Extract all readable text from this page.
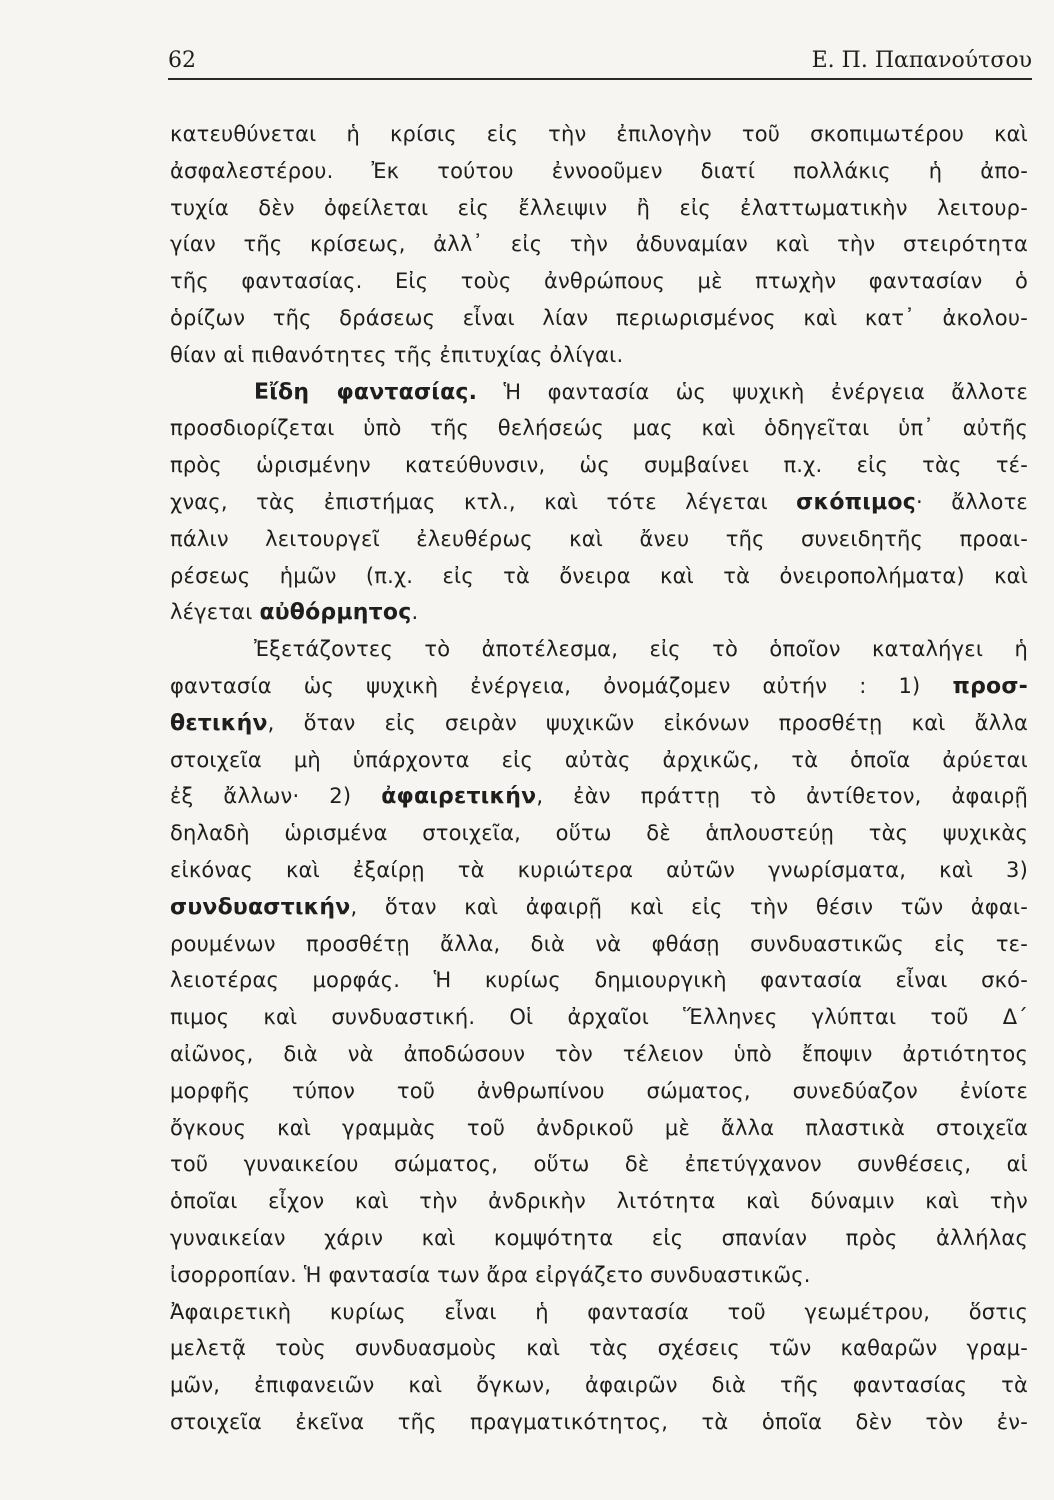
62	Ε. Π. Παπανούτσου
κατευθύνεται ἡ κρίσις εἰς τὴν ἐπιλογὴν τοῦ σκοπιμωτέρου καὶ
ἀσφαλεστέρου. Ἐκ τούτου ἐννοοῦμεν διατί πολλάκις ἡ ἀπο-
τυχία δὲν ὀφείλεται εἰς ἔλλειψιν ἢ εἰς ἐλαττωματικὴν λειτουρ-
γίαν τῆς κρίσεως, ἀλλ᾽ εἰς τὴν ἀδυναμίαν καὶ τὴν στειρότητα
τῆς φαντασίας. Εἰς τοὺς ἀνθρώπους μὲ πτωχὴν φαντασίαν ὁ
ὁρίζων τῆς δράσεως εἶναι λίαν περιωρισμένος καὶ κατ᾽ ἀκολου-
θίαν αἱ πιθανότητες τῆς ἐπιτυχίας ὀλίγαι.
Εἴδη φαντασίας. Ἡ φαντασία ὡς ψυχικὴ ἐνέργεια ἄλλοτε
προσδιορίζεται ὑπὸ τῆς θελήσεώς μας καὶ ὁδηγεῖται ὑπ᾽ αὐτῆς
πρὸς ὡρισμένην κατεύθυνσιν, ὡς συμβαίνει π.χ. εἰς τὰς τέ-
χνας, τὰς ἐπιστήμας κτλ., καὶ τότε λέγεται σκόπιμος· ἄλλοτε
πάλιν λειτουργεῖ ἐλευθέρως καὶ ἄνευ τῆς συνειδητῆς προαι-
ρέσεως ἡμῶν (π.χ. εἰς τὰ ὄνειρα καὶ τὰ ὀνειροπολήματα) καὶ
λέγεται αὐθόρμητος.
Ἐξετάζοντες τὸ ἀποτέλεσμα, εἰς τὸ ὁποῖον καταλήγει ἡ
φαντασία ὡς ψυχικὴ ἐνέργεια, ὀνομάζομεν αὐτήν : 1) προσ-
θετικήν, ὅταν εἰς σειρὰν ψυχικῶν εἰκόνων προσθέτῃ καὶ ἄλλα
στοιχεῖα μὴ ὑπάρχοντα εἰς αὐτὰς ἀρχικῶς, τὰ ὁποῖα ἀρύεται
ἐξ ἄλλων· 2) ἀφαιρετικήν, ἐὰν πράττῃ τὸ ἀντίθετον, ἀφαιρῇ
δηλαδὴ ὡρισμένα στοιχεῖα, οὕτω δὲ ἁπλουστεύῃ τὰς ψυχικὰς
εἰκόνας καὶ ἐξαίρῃ τὰ κυριώτερα αὐτῶν γνωρίσματα, καὶ 3)
συνδυαστικήν, ὅταν καὶ ἀφαιρῇ καὶ εἰς τὴν θέσιν τῶν ἀφαι-
ρουμένων προσθέτῃ ἄλλα, διὰ νὰ φθάσῃ συνδυαστικῶς εἰς τε-
λειοτέρας μορφάς. Ἡ κυρίως δημιουργικὴ φαντασία εἶναι σκό-
πιμος καὶ συνδυαστική. Οἱ ἀρχαῖοι Ἕλληνες γλύπται τοῦ Δ΄
αἰῶνος, διὰ νὰ ἀποδώσουν τὸν τέλειον ὑπὸ ἔποψιν ἀρτιότητος
μορφῆς τύπον τοῦ ἀνθρωπίνου σώματος, συνεδύαζον ἐνίοτε
ὄγκους καὶ γραμμὰς τοῦ ἀνδρικοῦ μὲ ἄλλα πλαστικὰ στοιχεῖα
τοῦ γυναικείου σώματος, οὕτω δὲ ἐπετύγχανον συνθέσεις, αἱ
ὁποῖαι εἶχον καὶ τὴν ἀνδρικὴν λιτότητα καὶ δύναμιν καὶ τὴν
γυναικείαν χάριν καὶ κομψότητα εἰς σπανίαν πρὸς ἀλλήλας
ἰσορροπίαν. Ἡ φαντασία των ἄρα εἰργάζετο συνδυαστικῶς.
Ἀφαιρετικὴ κυρίως εἶναι ἡ φαντασία τοῦ γεωμέτρου, ὅστις
μελετᾷ τοὺς συνδυασμοὺς καὶ τὰς σχέσεις τῶν καθαρῶν γραμ-
μῶν, ἐπιφανειῶν καὶ ὄγκων, ἀφαιρῶν διὰ τῆς φαντασίας τὰ
στοιχεῖα ἐκεῖνα τῆς πραγματικότητος, τὰ ὁποῖα δὲν τὸν ἐν-
